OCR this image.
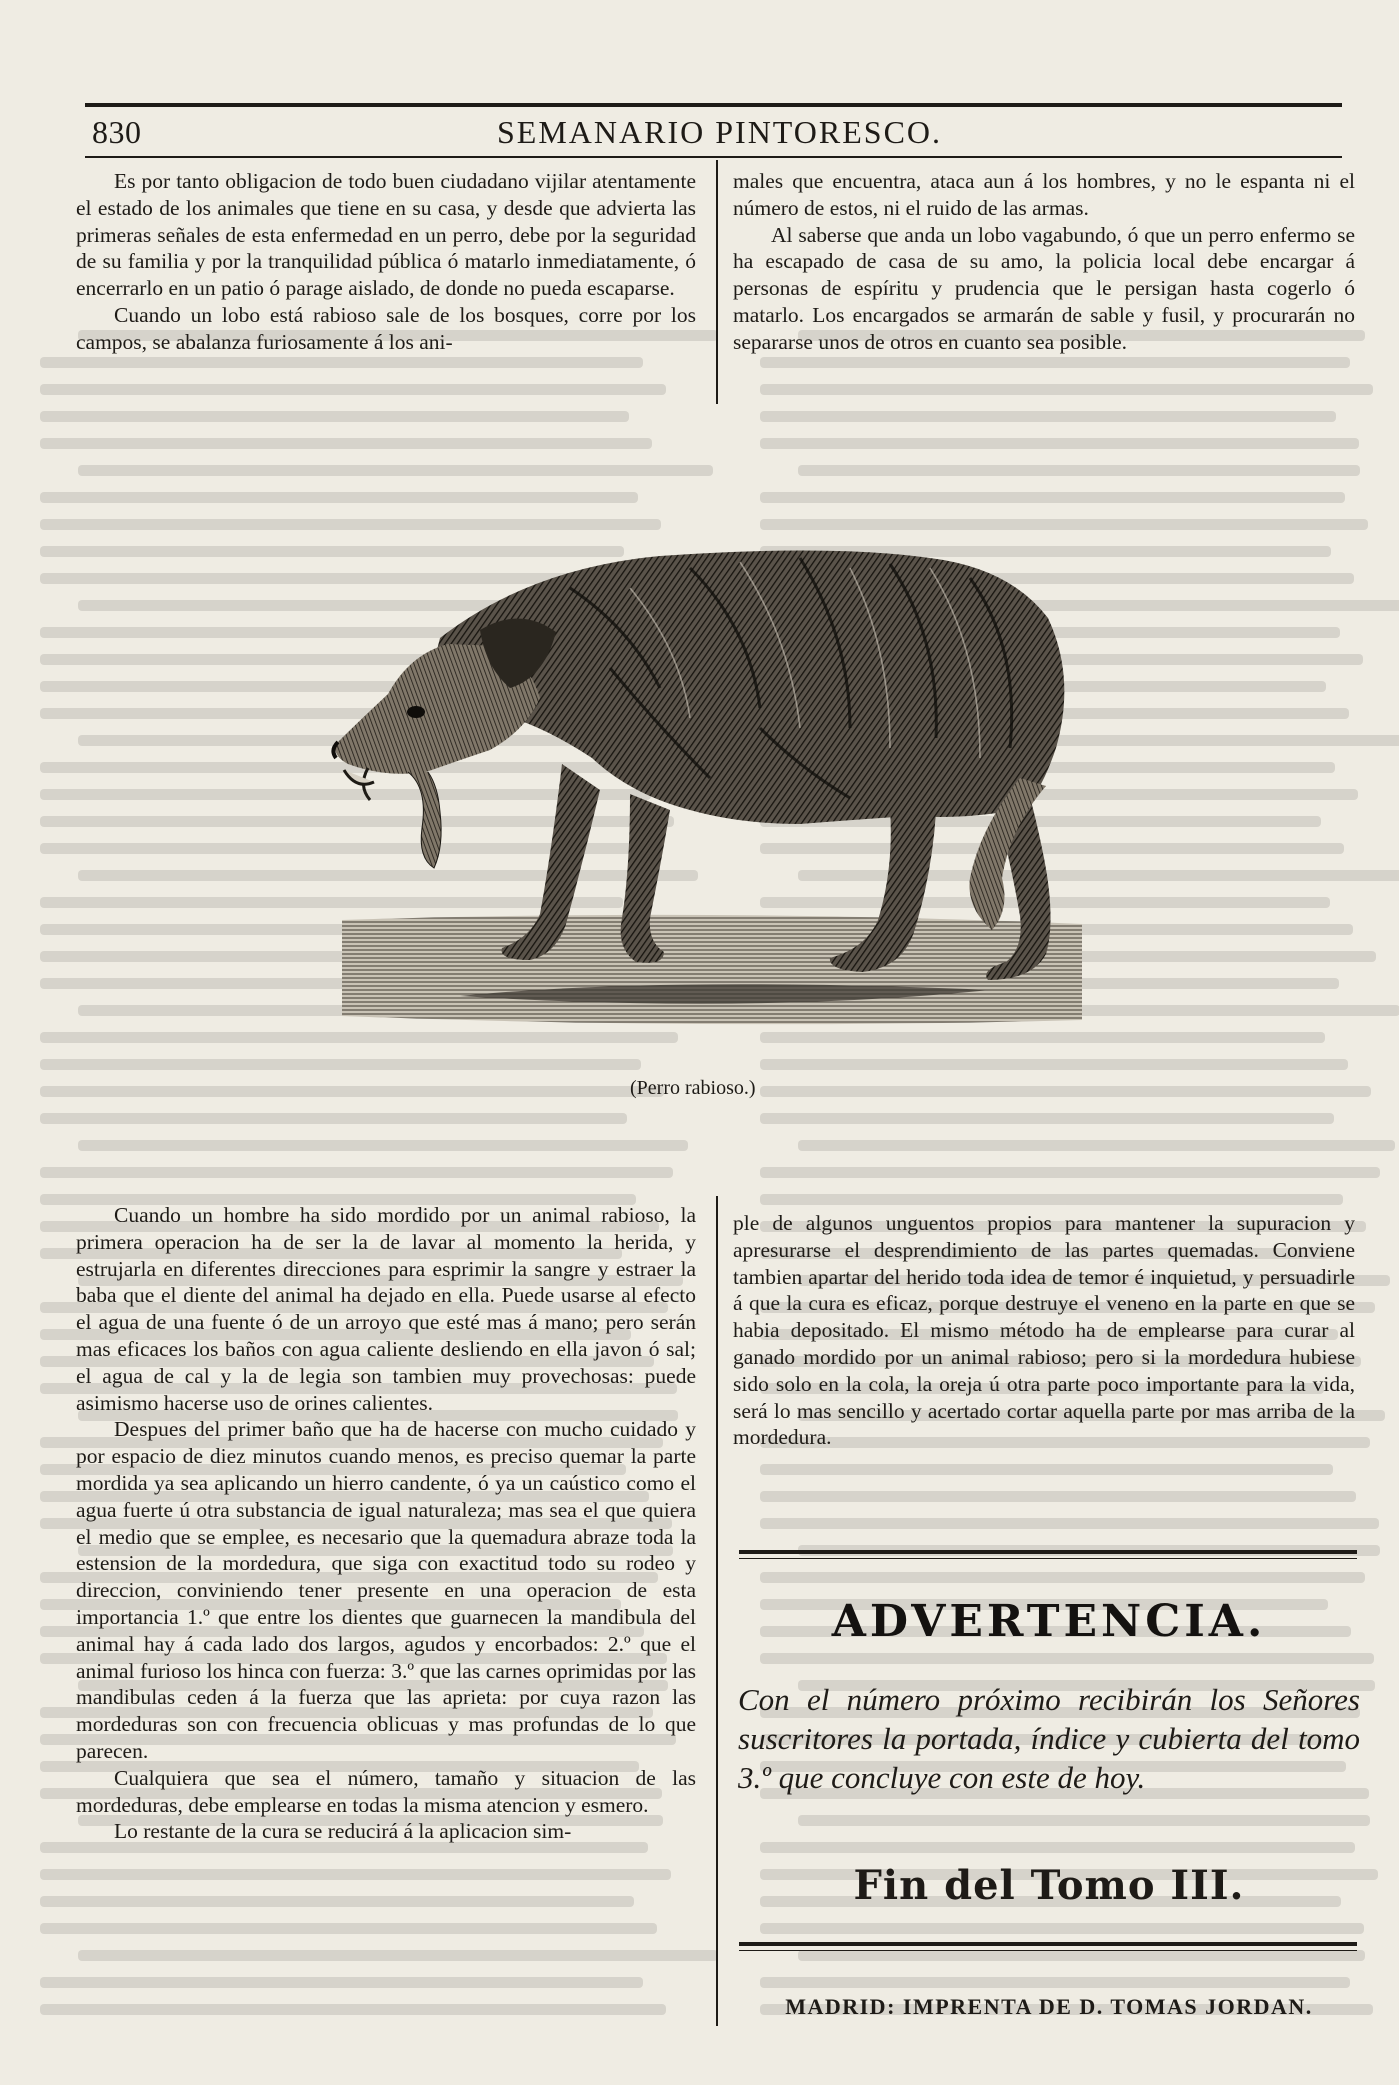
830	SEMANARIO PINTORESCO.

Es por tanto obligacion de todo buen ciudadano vijilar atentamente el estado de los animales que tiene en su casa, y desde que advierta las primeras señales de esta enfermedad en un perro, debe por la seguridad de su familia y por la tranquilidad pública ó matarlo inmediatamente, ó encerrarlo en un patio ó parage aislado, de donde no pueda escaparse.

Cuando un lobo está rabioso sale de los bosques, corre por los campos, se abalanza furiosamente á los ani-

males que encuentra, ataca aun á los hombres, y no le espanta ni el número de estos, ni el ruido de las armas.

Al saberse que anda un lobo vagabundo, ó que un perro enfermo se ha escapado de casa de su amo, la policia local debe encargar á personas de espíritu y prudencia que le persigan hasta cogerlo ó matarlo. Los encargados se armarán de sable y fusil, y procurarán no separarse unos de otros en cuanto sea posible.

(Perro rabioso.)

Cuando un hombre ha sido mordido por un animal rabioso, la primera operacion ha de ser la de lavar al momento la herida, y estrujarla en diferentes direcciones para esprimir la sangre y estraer la baba que el diente del animal ha dejado en ella. Puede usarse al efecto el agua de una fuente ó de un arroyo que esté mas á mano; pero serán mas eficaces los baños con agua caliente desliendo en ella javon ó sal; el agua de cal y la de legia son tambien muy provechosas: puede asimismo hacerse uso de orines calientes.

Despues del primer baño que ha de hacerse con mucho cuidado y por espacio de diez minutos cuando menos, es preciso quemar la parte mordida ya sea aplicando un hierro candente, ó ya un caústico como el agua fuerte ú otra substancia de igual naturaleza; mas sea el que quiera el medio que se emplee, es necesario que la quemadura abraze toda la estension de la mordedura, que siga con exactitud todo su rodeo y direccion, conviniendo tener presente en una operacion de esta importancia 1.º que entre los dientes que guarnecen la mandibula del animal hay á cada lado dos largos, agudos y encorbados: 2.º que el animal furioso los hinca con fuerza: 3.º que las carnes oprimidas por las mandibulas ceden á la fuerza que las aprieta: por cuya razon las mordeduras son con frecuencia oblicuas y mas profundas de lo que parecen.

Cualquiera que sea el número, tamaño y situacion de las mordeduras, debe emplearse en todas la misma atencion y esmero.

Lo restante de la cura se reducirá á la aplicacion sim-

ple de algunos unguentos propios para mantener la supuracion y apresurarse el desprendimiento de las partes quemadas. Conviene tambien apartar del herido toda idea de temor é inquietud, y persuadirle á que la cura es eficaz, porque destruye el veneno en la parte en que se habia depositado. El mismo método ha de emplearse para curar al ganado mordido por un animal rabioso; pero si la mordedura hubiese sido solo en la cola, la oreja ú otra parte poco importante para la vida, será lo mas sencillo y acertado cortar aquella parte por mas arriba de la mordedura.

ADVERTENCIA.

Con el número próximo recibirán los Señores suscritores la portada, índice y cubierta del tomo 3.º que concluye con este de hoy.

Fin del Tomo III.
MADRID: IMPRENTA DE D. TOMAS JORDAN.
